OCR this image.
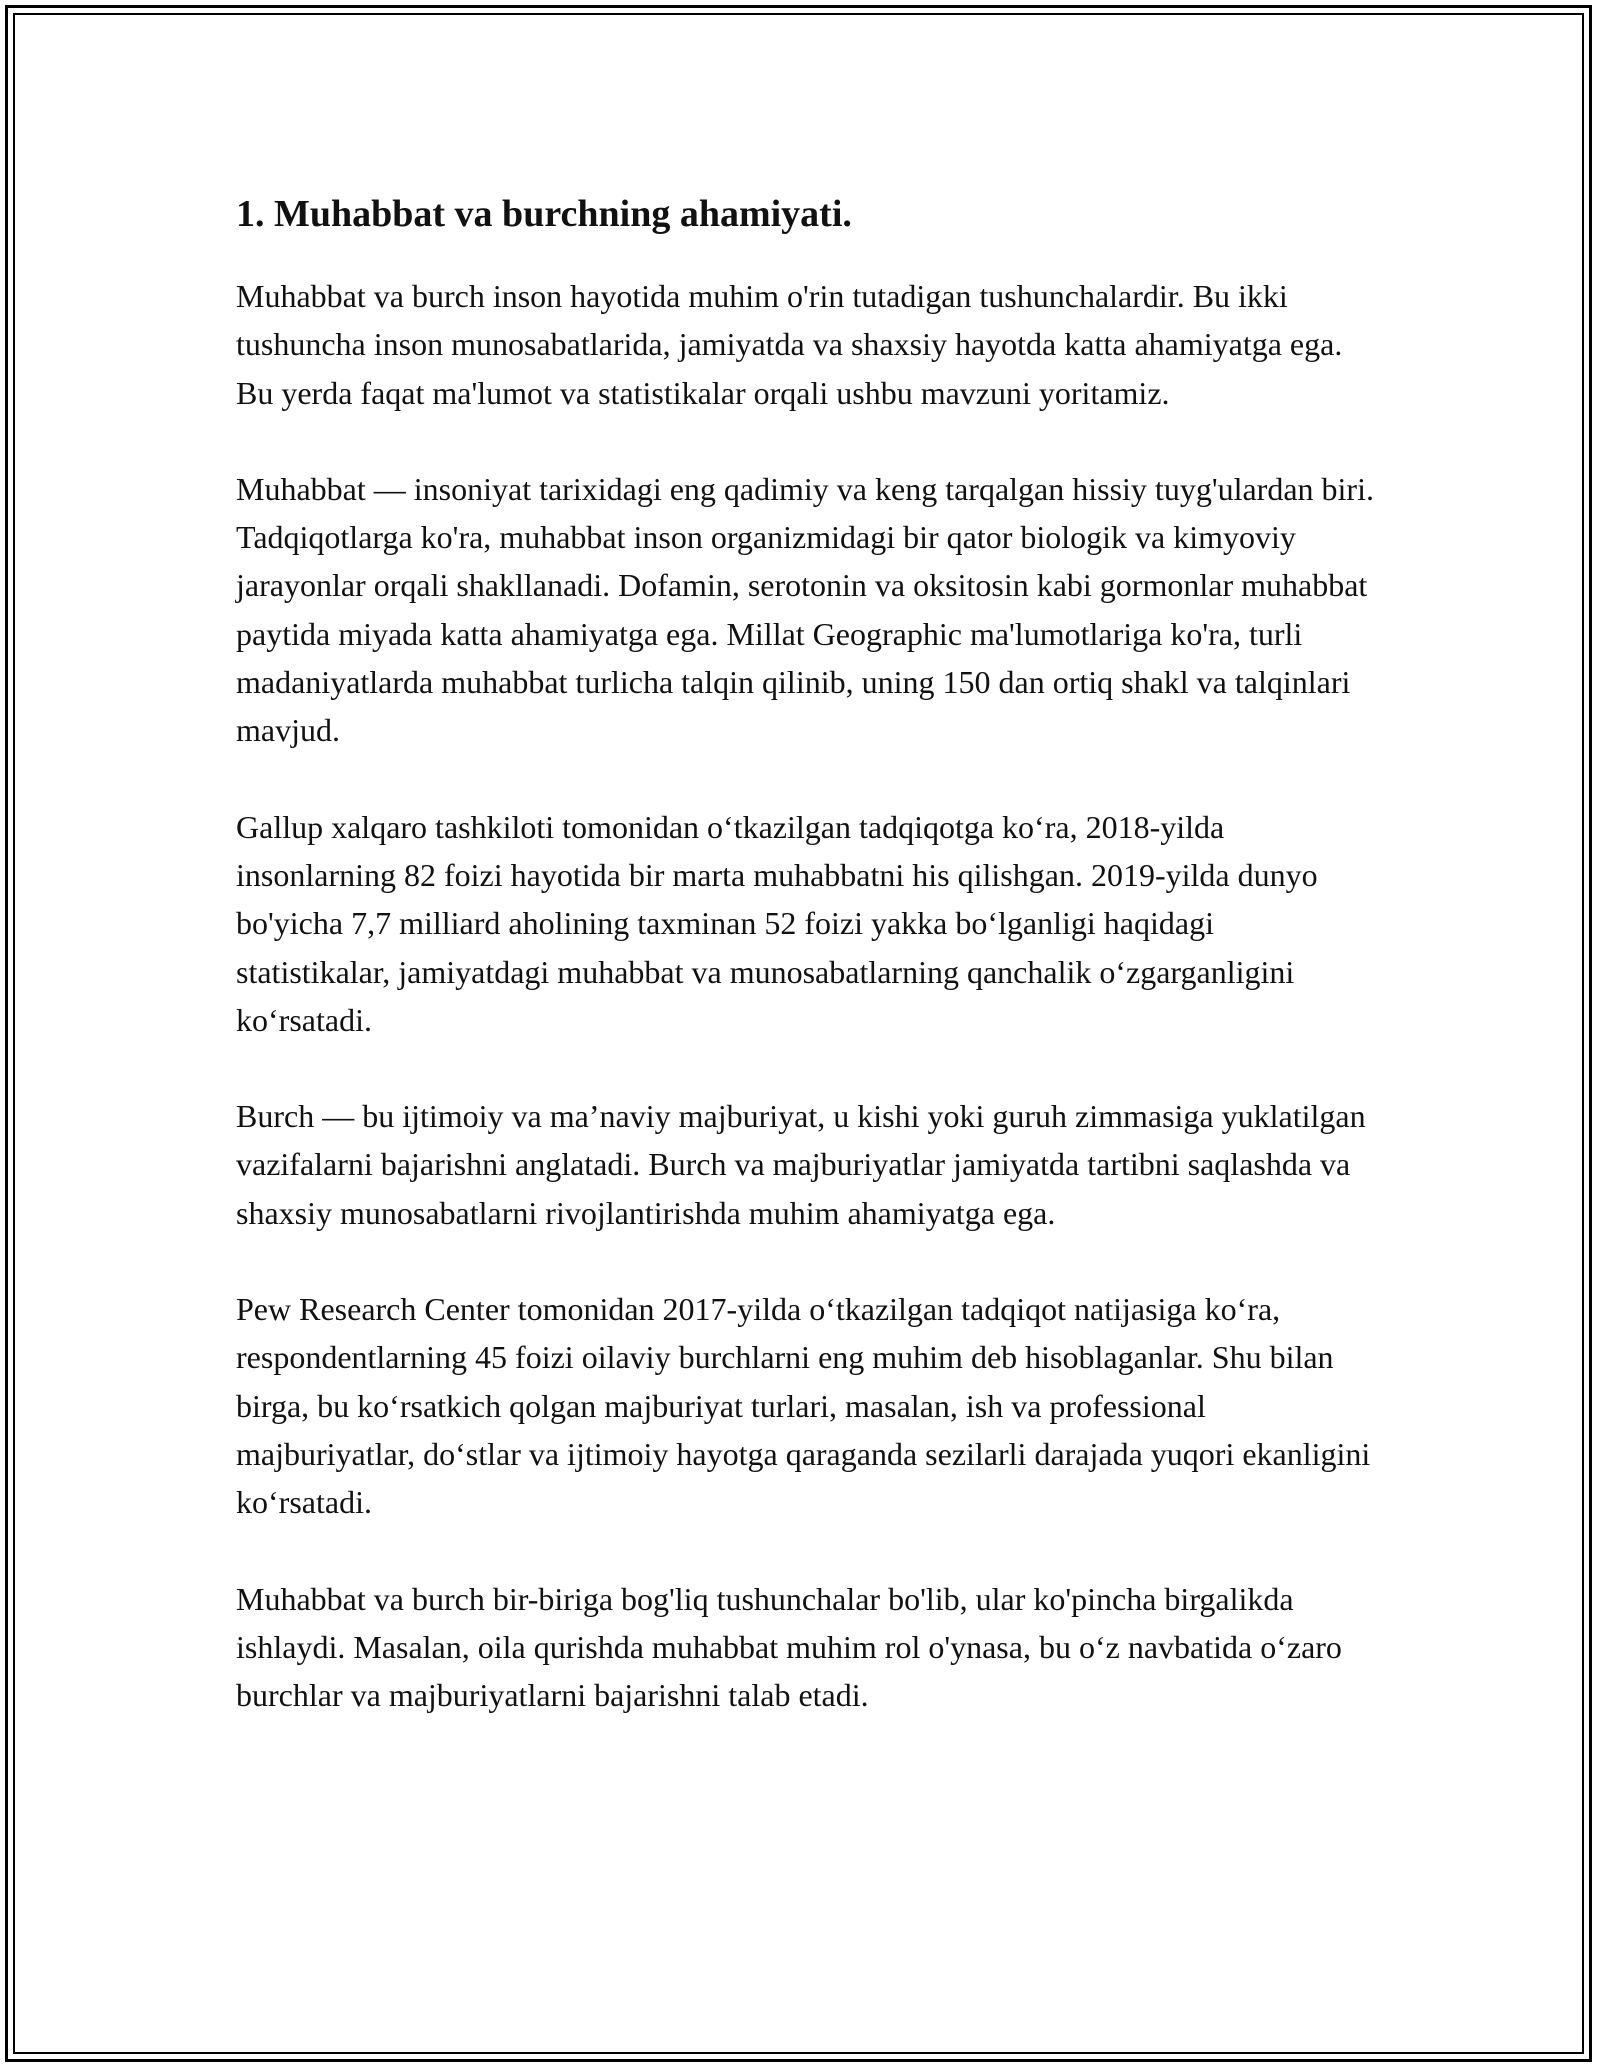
1. Muhabbat va burchning ahamiyati.

Muhabbat va burch inson hayotida muhim o'rin tutadigan tushunchalardir. Bu ikki tushuncha inson munosabatlarida, jamiyatda va shaxsiy hayotda katta ahamiyatga ega. Bu yerda faqat ma'lumot va statistikalar orqali ushbu mavzuni yoritamiz.

Muhabbat — insoniyat tarixidagi eng qadimiy va keng tarqalgan hissiy tuyg'ulardan biri. Tadqiqotlarga ko'ra, muhabbat inson organizmidagi bir qator biologik va kimyoviy jarayonlar orqali shakllanadi. Dofamin, serotonin va oksitosin kabi gormonlar muhabbat paytida miyada katta ahamiyatga ega. Millat Geographic ma'lumotlariga ko'ra, turli madaniyatlarda muhabbat turlicha talqin qilinib, uning 150 dan ortiq shakl va talqinlari mavjud.

Gallup xalqaro tashkiloti tomonidan o‘tkazilgan tadqiqotga ko‘ra, 2018-yilda insonlarning 82 foizi hayotida bir marta muhabbatni his qilishgan. 2019-yilda dunyo bo'yicha 7,7 milliard aholining taxminan 52 foizi yakka bo‘lganligi haqidagi statistikalar, jamiyatdagi muhabbat va munosabatlarning qanchalik o‘zgarganligini ko‘rsatadi.

Burch — bu ijtimoiy va ma’naviy majburiyat, u kishi yoki guruh zimmasiga yuklatilgan vazifalarni bajarishni anglatadi. Burch va majburiyatlar jamiyatda tartibni saqlashda va shaxsiy munosabatlarni rivojlantirishda muhim ahamiyatga ega.

Pew Research Center tomonidan 2017-yilda o‘tkazilgan tadqiqot natijasiga ko‘ra, respondentlarning 45 foizi oilaviy burchlarni eng muhim deb hisoblaganlar. Shu bilan birga, bu ko‘rsatkich qolgan majburiyat turlari, masalan, ish va professional majburiyatlar, do‘stlar va ijtimoiy hayotga qaraganda sezilarli darajada yuqori ekanligini ko‘rsatadi.

Muhabbat va burch bir-biriga bog'liq tushunchalar bo'lib, ular ko'pincha birgalikda ishlaydi. Masalan, oila qurishda muhabbat muhim rol o'ynasa, bu o‘z navbatida o‘zaro burchlar va majburiyatlarni bajarishni talab etadi.
